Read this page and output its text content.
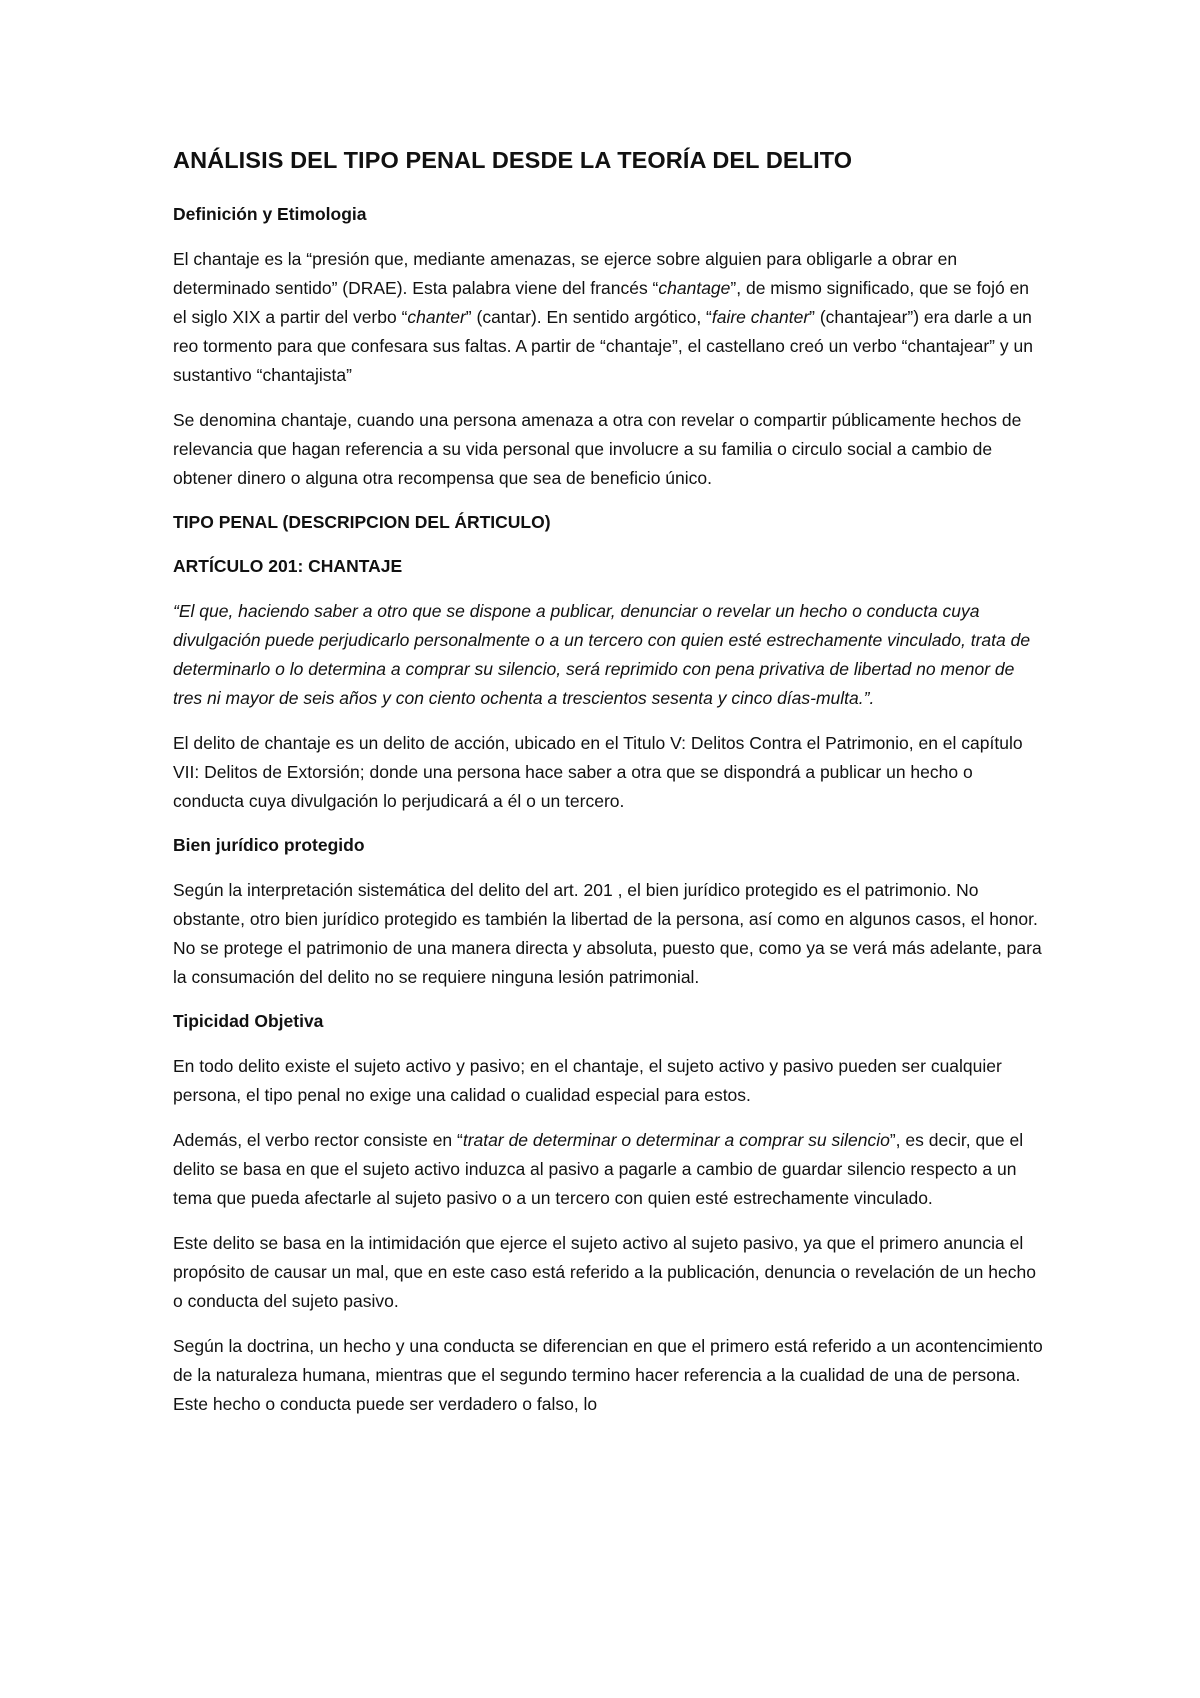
ANÁLISIS DEL TIPO PENAL DESDE LA TEORÍA DEL DELITO
Definición y Etimologia

El chantaje es la “presión que, mediante amenazas, se ejerce sobre alguien para obligarle a obrar en determinado sentido” (DRAE). Esta palabra viene del francés “chantage”, de mismo significado, que se fojó en el siglo XIX a partir del verbo “chanter” (cantar). En sentido argótico, “faire chanter” (chantajear”) era darle a un reo tormento para que confesara sus faltas. A partir de “chantaje”, el castellano creó un verbo “chantajear” y un sustantivo “chantajista”

Se denomina chantaje, cuando una persona amenaza a otra con revelar o compartir públicamente hechos de relevancia que hagan referencia a su vida personal que involucre a su familia o circulo social a cambio de obtener dinero o alguna otra recompensa que sea de beneficio único.

TIPO PENAL (DESCRIPCION DEL ÁRTICULO)
ARTÍCULO 201: CHANTAJE

“El que, haciendo saber a otro que se dispone a publicar, denunciar o revelar un hecho o conducta cuya divulgación puede perjudicarlo personalmente o a un tercero con quien esté estrechamente vinculado, trata de determinarlo o lo determina a comprar su silencio, será reprimido con pena privativa de libertad no menor de tres ni mayor de seis años y con ciento ochenta a trescientos sesenta y cinco días-multa.”.

El delito de chantaje es un delito de acción, ubicado en el Titulo V: Delitos Contra el Patrimonio, en el capítulo VII: Delitos de Extorsión; donde una persona hace saber a otra que se dispondrá a publicar un hecho o conducta cuya divulgación lo perjudicará a él o un tercero.

Bien jurídico protegido

Según la interpretación sistemática del delito del art. 201 , el bien jurídico protegido es el patrimonio. No obstante, otro bien jurídico protegido es también la libertad de la persona, así como en algunos casos, el honor. No se protege el patrimonio de una manera directa y absoluta, puesto que, como ya se verá más adelante, para la consumación del delito no se requiere ninguna lesión patrimonial.

Tipicidad Objetiva

En todo delito existe el sujeto activo y pasivo; en el chantaje, el sujeto activo y pasivo pueden ser cualquier persona, el tipo penal no exige una calidad o cualidad especial para estos.

Además, el verbo rector consiste en “tratar de determinar o determinar a comprar su silencio”, es decir, que el delito se basa en que el sujeto activo induzca al pasivo a pagarle a cambio de guardar silencio respecto a un tema que pueda afectarle al sujeto pasivo o a un tercero con quien esté estrechamente vinculado.

Este delito se basa en la intimidación que ejerce el sujeto activo al sujeto pasivo, ya que el primero anuncia el propósito de causar un mal, que en este caso está referido a la publicación, denuncia o revelación de un hecho o conducta del sujeto pasivo.

Según la doctrina, un hecho y una conducta se diferencian en que el primero está referido a un acontencimiento de la naturaleza humana, mientras que el segundo termino hacer referencia a la cualidad de una de persona. Este hecho o conducta puede ser verdadero o falso, lo
